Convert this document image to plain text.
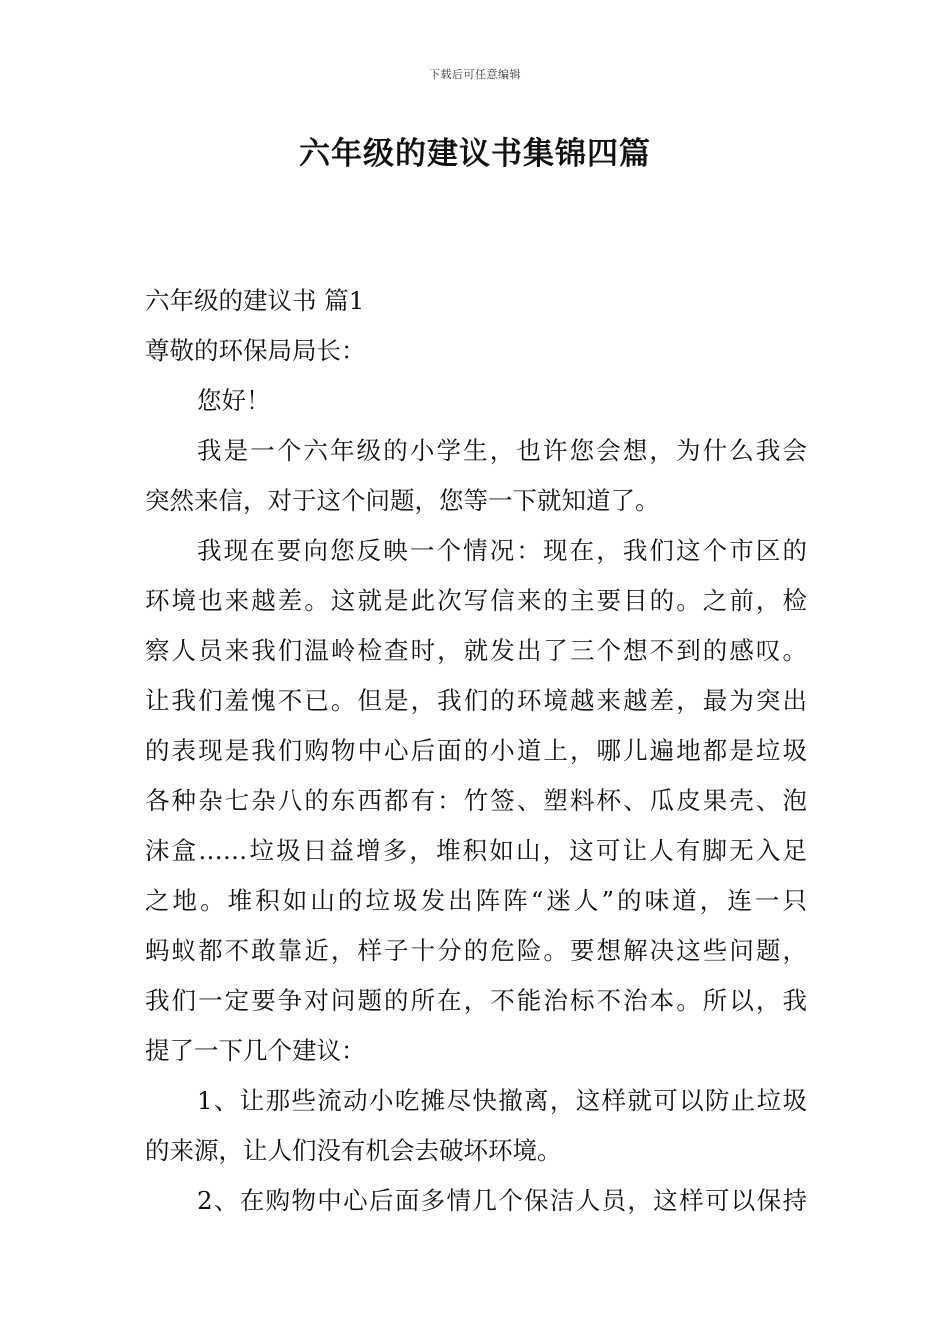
下载后可任意编辑
六年级的建议书集锦四篇

六年级的建议书 篇1

尊敬的环保局局长：

您好！

我是一个六年级的小学生，也许您会想，为什么我会

突然来信，对于这个问题，您等一下就知道了。

我现在要向您反映一个情况：现在，我们这个市区的

环境也来越差。这就是此次写信来的主要目的。之前，检

察人员来我们温岭检查时，就发出了三个想不到的感叹。

让我们羞愧不已。但是，我们的环境越来越差，最为突出

的表现是我们购物中心后面的小道上，哪儿遍地都是垃圾

各种杂七杂八的东西都有：竹签、塑料杯、瓜皮果壳、泡

沫盒……垃圾日益增多，堆积如山，这可让人有脚无入足

之地。堆积如山的垃圾发出阵阵“迷人”的味道，连一只

蚂蚁都不敢靠近，样子十分的危险。要想解决这些问题，

我们一定要争对问题的所在，不能治标不治本。所以，我

提了一下几个建议：

1、让那些流动小吃摊尽快撤离，这样就可以防止垃圾

的来源，让人们没有机会去破坏环境。

2、在购物中心后面多情几个保洁人员，这样可以保持
